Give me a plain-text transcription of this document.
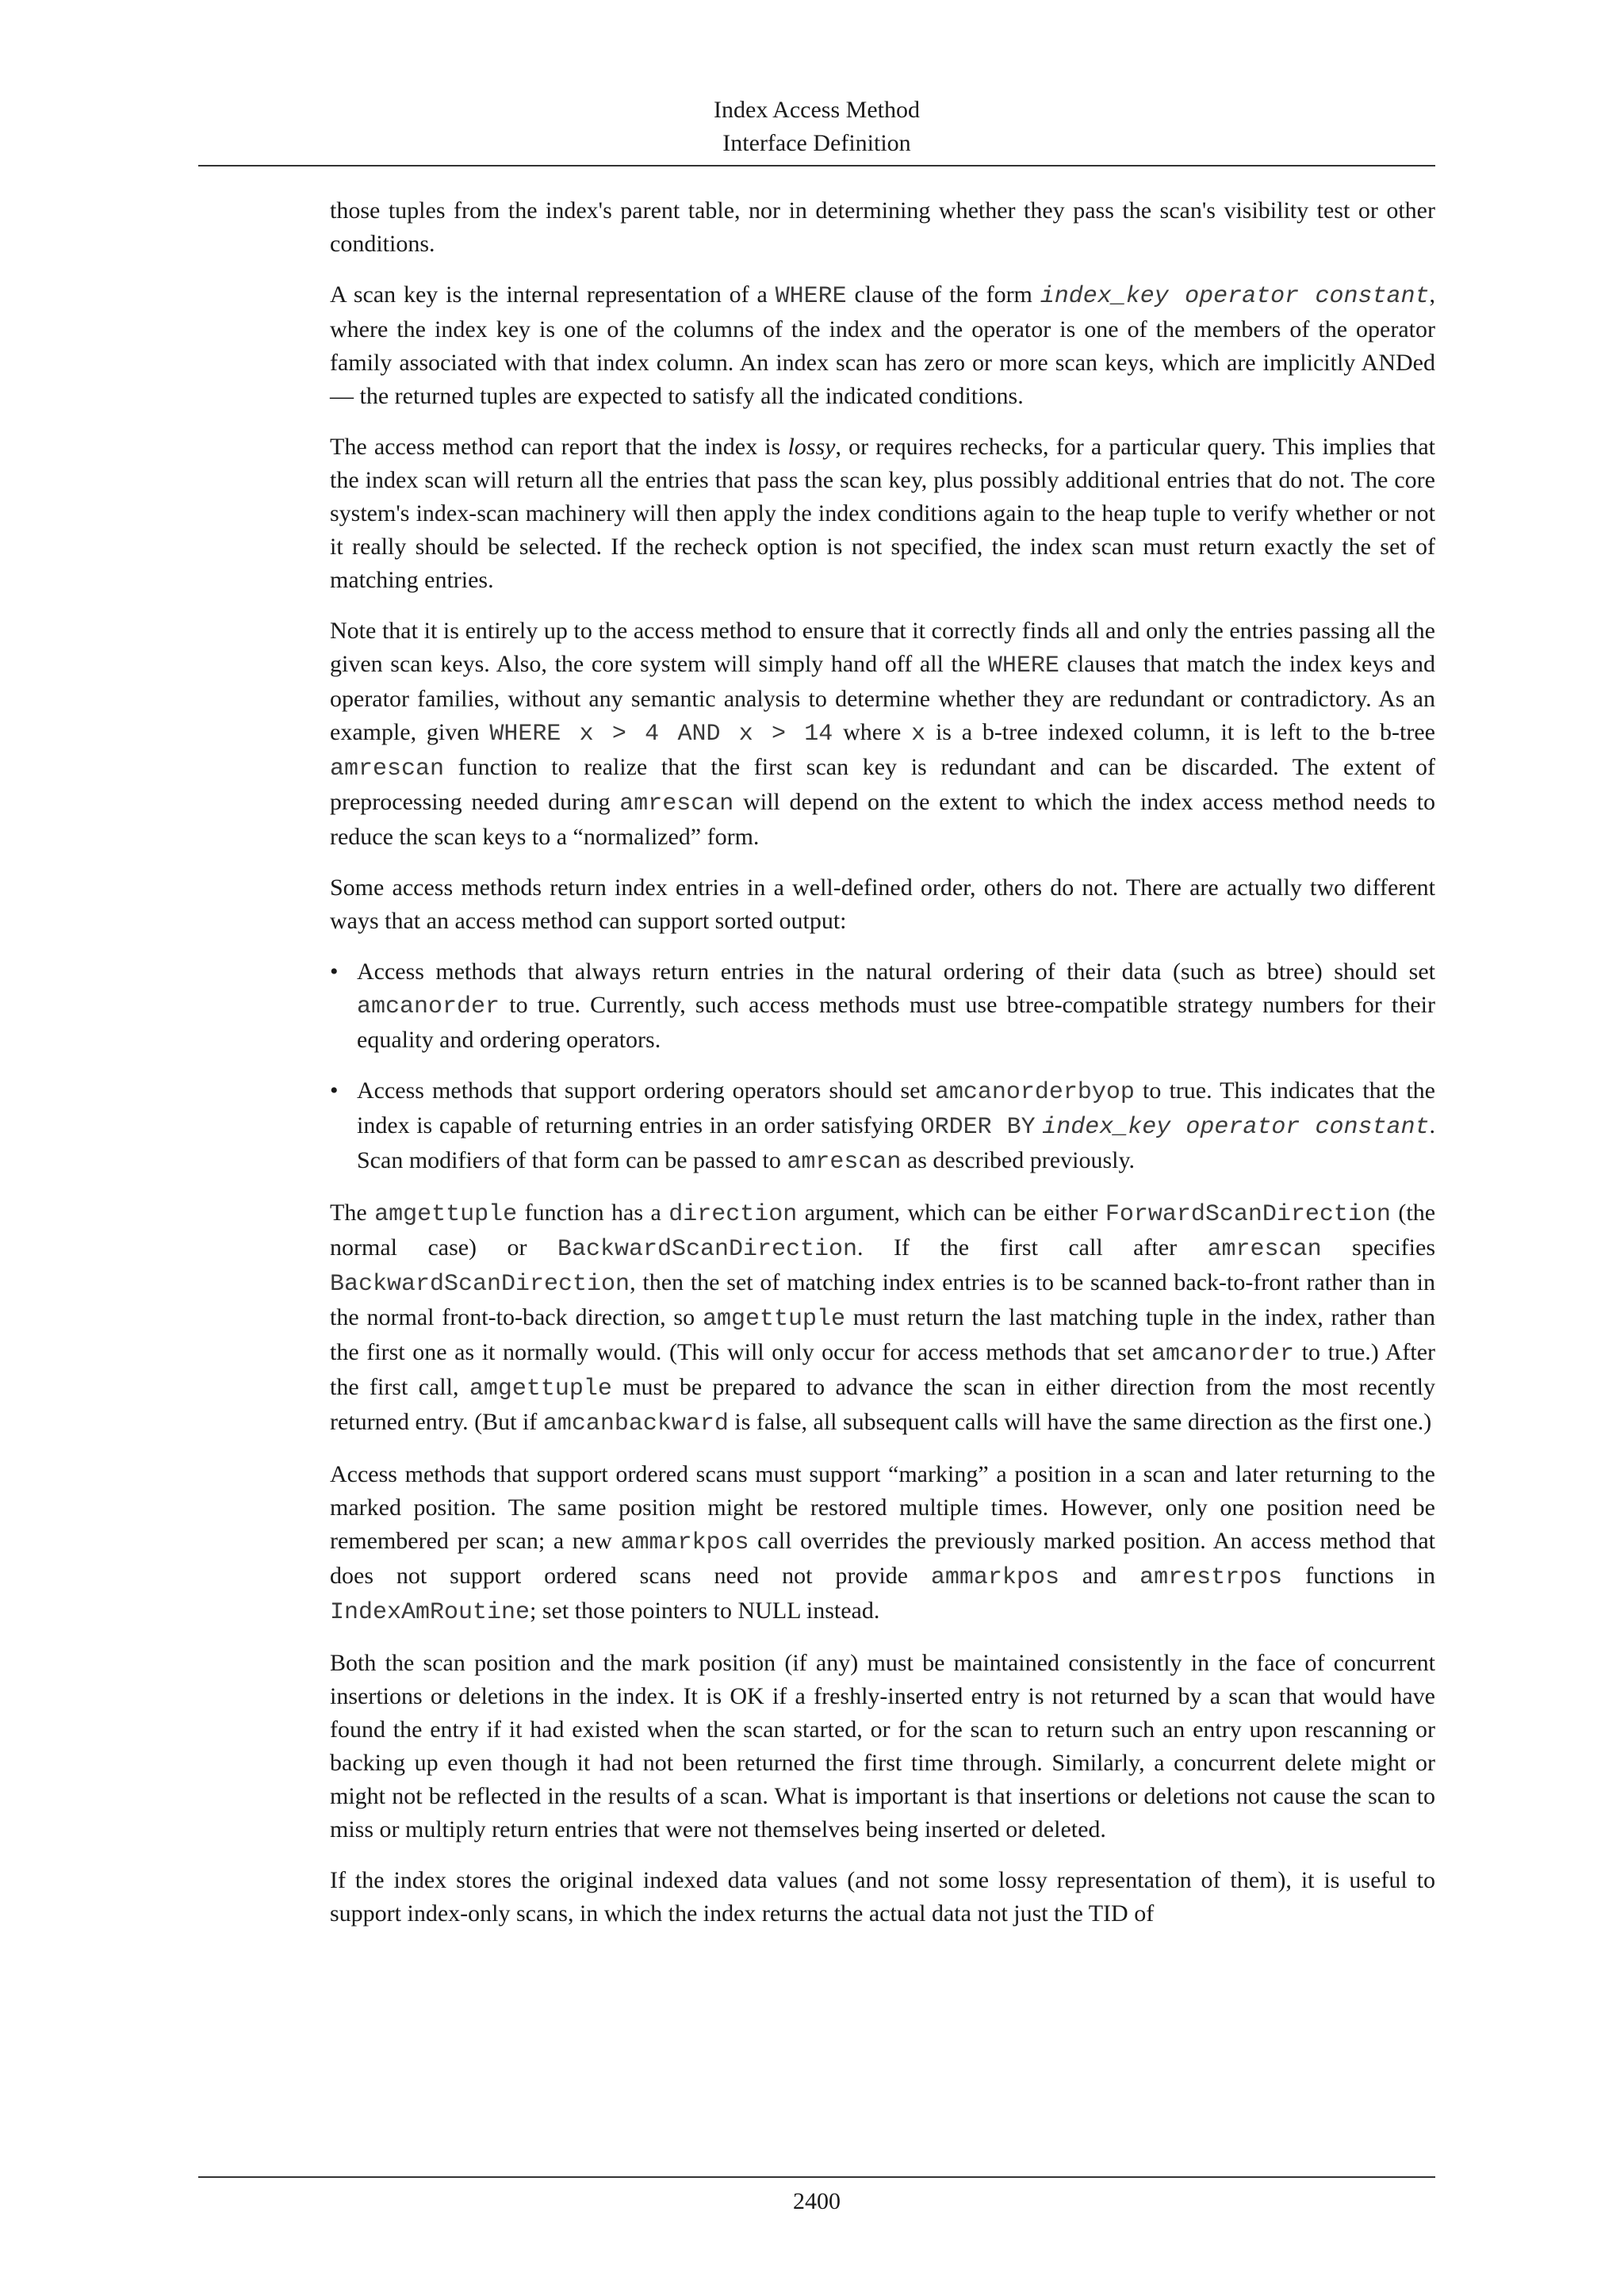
Index Access Method
Interface Definition

those tuples from the index's parent table, nor in determining whether they pass the scan's visibility test or other conditions.

A scan key is the internal representation of a WHERE clause of the form index_key operator constant, where the index key is one of the columns of the index and the operator is one of the members of the operator family associated with that index column. An index scan has zero or more scan keys, which are implicitly ANDed — the returned tuples are expected to satisfy all the indicated conditions.

The access method can report that the index is lossy, or requires rechecks, for a particular query. This implies that the index scan will return all the entries that pass the scan key, plus possibly additional entries that do not. The core system's index-scan machinery will then apply the index conditions again to the heap tuple to verify whether or not it really should be selected. If the recheck option is not specified, the index scan must return exactly the set of matching entries.

Note that it is entirely up to the access method to ensure that it correctly finds all and only the entries passing all the given scan keys. Also, the core system will simply hand off all the WHERE clauses that match the index keys and operator families, without any semantic analysis to determine whether they are redundant or contradictory. As an example, given WHERE x > 4 AND x > 14 where x is a b-tree indexed column, it is left to the b-tree amrescan function to realize that the first scan key is redundant and can be discarded. The extent of preprocessing needed during amrescan will depend on the extent to which the index access method needs to reduce the scan keys to a “normalized” form.

Some access methods return index entries in a well-defined order, others do not. There are actually two different ways that an access method can support sorted output:

• Access methods that always return entries in the natural ordering of their data (such as btree) should set amcanorder to true. Currently, such access methods must use btree-compatible strategy numbers for their equality and ordering operators.
• Access methods that support ordering operators should set amcanorderbyop to true. This indicates that the index is capable of returning entries in an order satisfying ORDER BY index_key operator constant. Scan modifiers of that form can be passed to amrescan as described previously.

The amgettuple function has a direction argument, which can be either ForwardScanDirection (the normal case) or BackwardScanDirection. If the first call after amrescan specifies BackwardScanDirection, then the set of matching index entries is to be scanned back-to-front rather than in the normal front-to-back direction, so amgettuple must return the last matching tuple in the index, rather than the first one as it normally would. (This will only occur for access methods that set amcanorder to true.) After the first call, amgettuple must be prepared to advance the scan in either direction from the most recently returned entry. (But if amcanbackward is false, all subsequent calls will have the same direction as the first one.)

Access methods that support ordered scans must support “marking” a position in a scan and later returning to the marked position. The same position might be restored multiple times. However, only one position need be remembered per scan; a new ammarkpos call overrides the previously marked position. An access method that does not support ordered scans need not provide ammarkpos and amrestrpos functions in IndexAmRoutine; set those pointers to NULL instead.

Both the scan position and the mark position (if any) must be maintained consistently in the face of concurrent insertions or deletions in the index. It is OK if a freshly-inserted entry is not returned by a scan that would have found the entry if it had existed when the scan started, or for the scan to return such an entry upon rescanning or backing up even though it had not been returned the first time through. Similarly, a concurrent delete might or might not be reflected in the results of a scan. What is important is that insertions or deletions not cause the scan to miss or multiply return entries that were not themselves being inserted or deleted.

If the index stores the original indexed data values (and not some lossy representation of them), it is useful to support index-only scans, in which the index returns the actual data not just the TID of

2400
